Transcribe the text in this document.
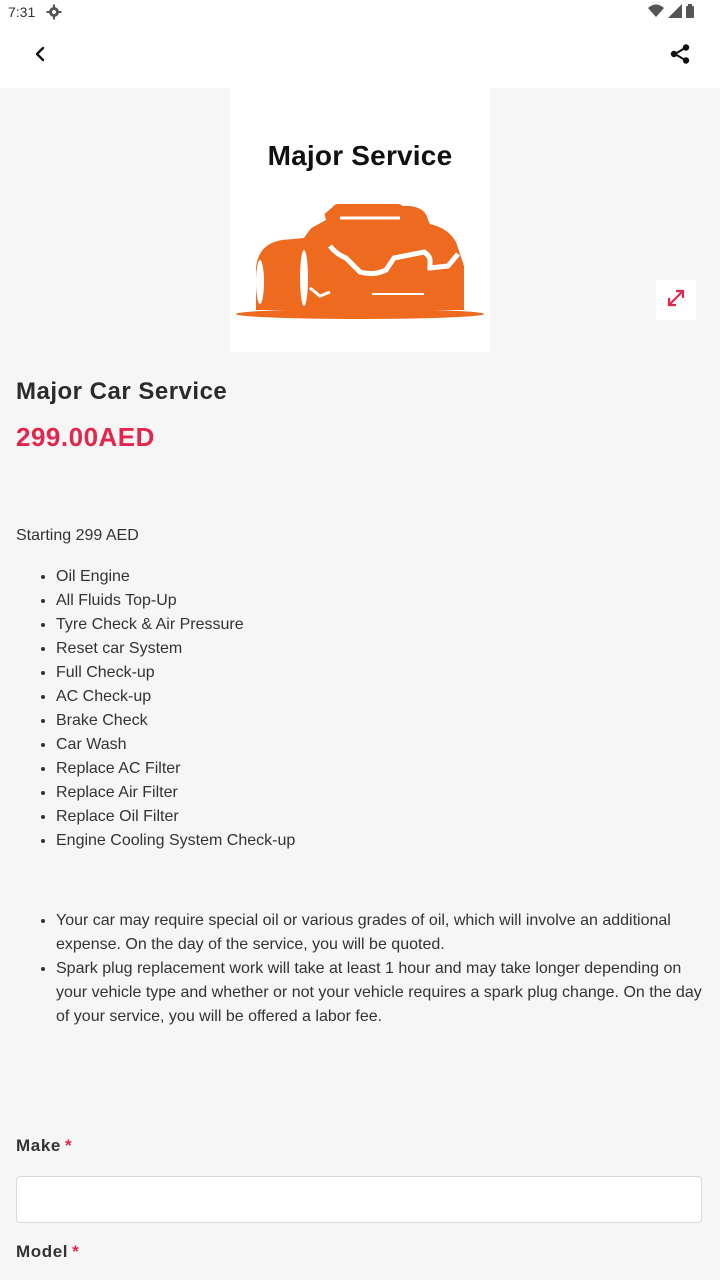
7:31
Major Service
Major Car Service
299.00AED
Starting 299 AED
• Oil Engine
• All Fluids Top-Up
• Tyre Check & Air Pressure
• Reset car System
• Full Check-up
• AC Check-up
• Brake Check
• Car Wash
• Replace AC Filter
• Replace Air Filter
• Replace Oil Filter
• Engine Cooling System Check-up
• Your car may require special oil or various grades of oil, which will involve an additional expense. On the day of the service, you will be quoted.
• Spark plug replacement work will take at least 1 hour and may take longer depending on your vehicle type and whether or not your vehicle requires a spark plug change. On the day of your service, you will be offered a labor fee.
Make *
Model *
